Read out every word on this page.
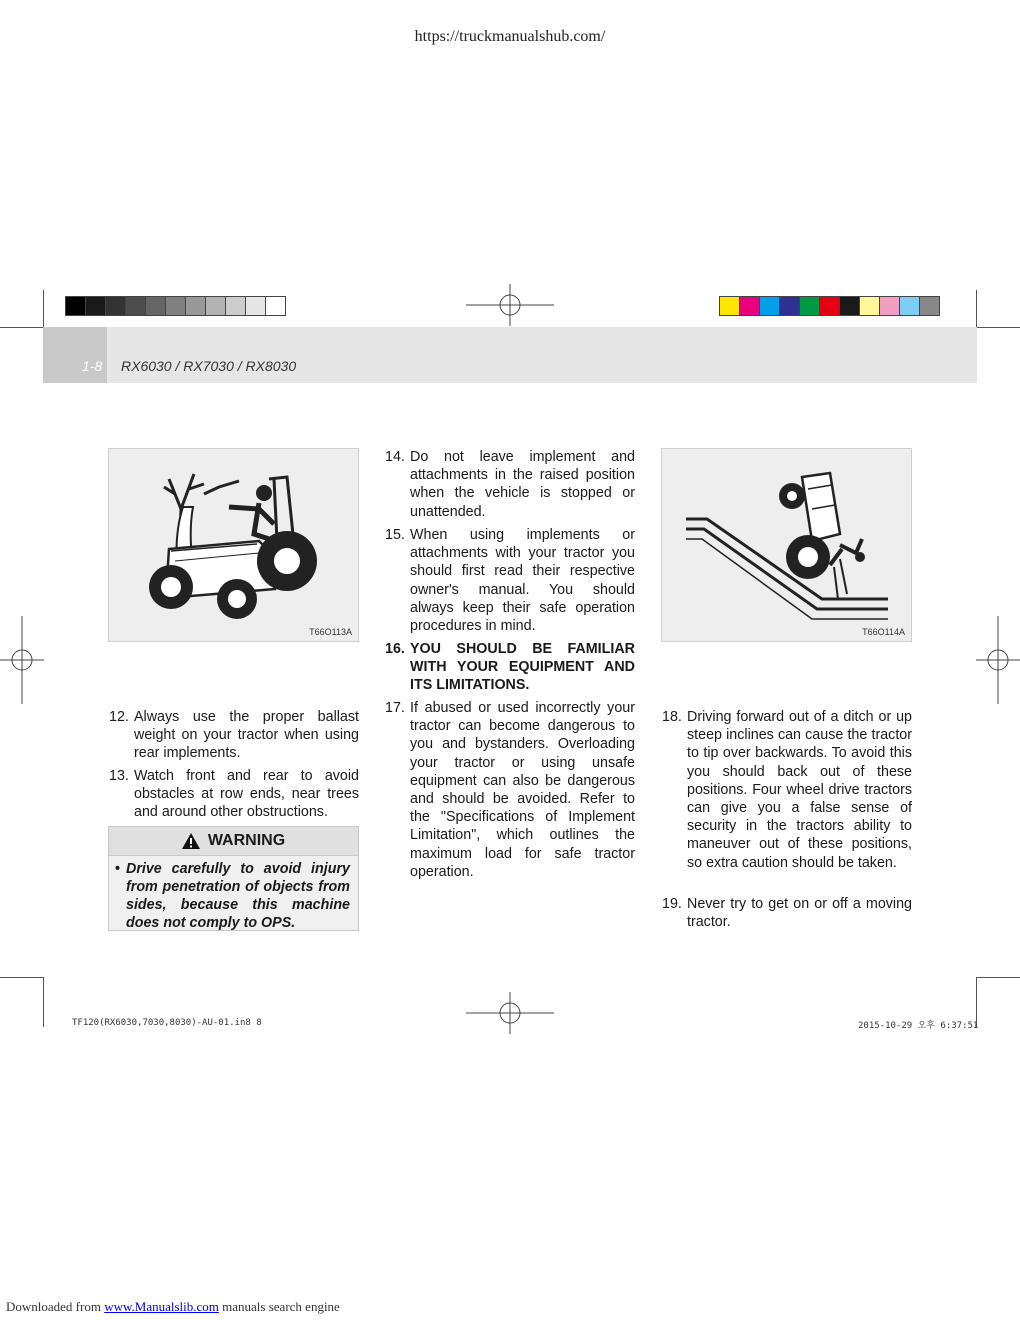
https://truckmanualshub.com/
1-8 RX6030 / RX7030 / RX8030
T66O113A	T66O114A
12. Always use the proper ballast weight on your tractor when using rear implements.
13. Watch front and rear to avoid obstacles at row ends, near trees and around other obstructions.
WARNING
• Drive carefully to avoid injury from penetration of objects from sides, because this machine does not comply to OPS.
14. Do not leave implement and attachments in the raised position when the vehicle is stopped or unattended.
15. When using implements or attachments with your tractor you should first read their respective owner's manual. You should always keep their safe operation procedures in mind.
16. YOU SHOULD BE FAMILIAR WITH YOUR EQUIPMENT AND ITS LIMITATIONS.
17. If abused or used incorrectly your tractor can become dangerous to you and bystanders. Overloading your tractor or using unsafe equipment can also be dangerous and should be avoided. Refer to the "Specifications of Implement Limitation", which outlines the maximum load for safe tractor operation.
18. Driving forward out of a ditch or up steep inclines can cause the tractor to tip over backwards. To avoid this you should back out of these positions. Four wheel drive tractors can give you a false sense of security in the tractors ability to maneuver out of these positions, so extra caution should be taken.
19. Never try to get on or off a moving tractor.
TF120(RX6030,7030,8030)-AU-01.in8 8	2015-10-29 오후 6:37:51
Downloaded from www.Manualslib.com manuals search engine
